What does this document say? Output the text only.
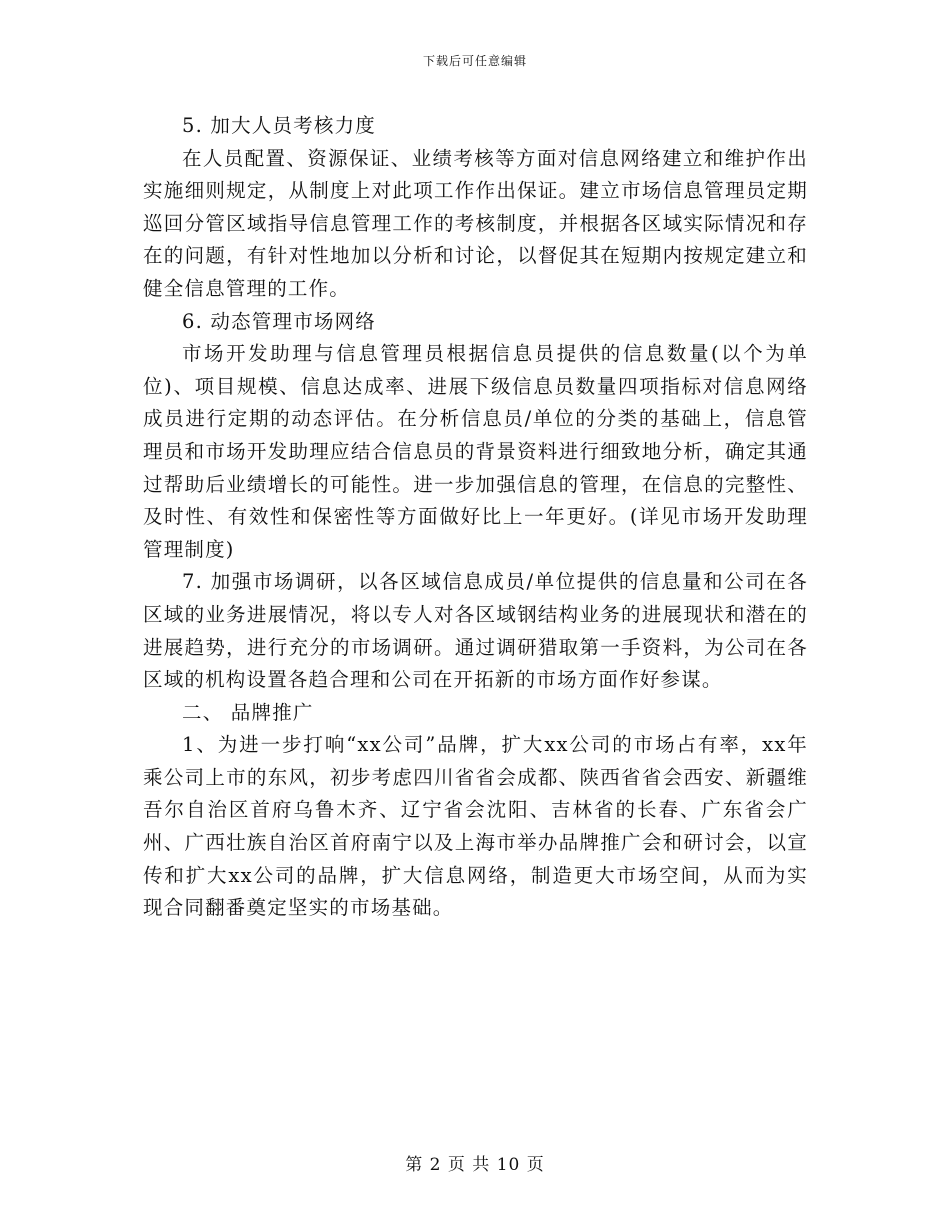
下载后可任意编辑

5. 加大人员考核力度

在人员配置、资源保证、业绩考核等方面对信息网络建立和维护作出实施细则规定，从制度上对此项工作作出保证。建立市场信息管理员定期巡回分管区域指导信息管理工作的考核制度，并根据各区域实际情况和存在的问题，有针对性地加以分析和讨论，以督促其在短期内按规定建立和健全信息管理的工作。

6. 动态管理市场网络

市场开发助理与信息管理员根据信息员提供的信息数量(以个为单位)、项目规模、信息达成率、进展下级信息员数量四项指标对信息网络成员进行定期的动态评估。在分析信息员/单位的分类的基础上，信息管理员和市场开发助理应结合信息员的背景资料进行细致地分析，确定其通过帮助后业绩增长的可能性。进一步加强信息的管理，在信息的完整性、及时性、有效性和保密性等方面做好比上一年更好。(详见市场开发助理管理制度)

7. 加强市场调研，以各区域信息成员/单位提供的信息量和公司在各区域的业务进展情况，将以专人对各区域钢结构业务的进展现状和潜在的进展趋势，进行充分的市场调研。通过调研猎取第一手资料，为公司在各区域的机构设置各趋合理和公司在开拓新的市场方面作好参谋。

二、 品牌推广

1、为进一步打响“xx公司”品牌，扩大xx公司的市场占有率，xx年乘公司上市的东风，初步考虑四川省省会成都、陕西省省会西安、新疆维吾尔自治区首府乌鲁木齐、辽宁省会沈阳、吉林省的长春、广东省会广州、广西壮族自治区首府南宁以及上海市举办品牌推广会和研讨会，以宣传和扩大xx公司的品牌，扩大信息网络，制造更大市场空间，从而为实现合同翻番奠定坚实的市场基础。

第 2 页 共 10 页
